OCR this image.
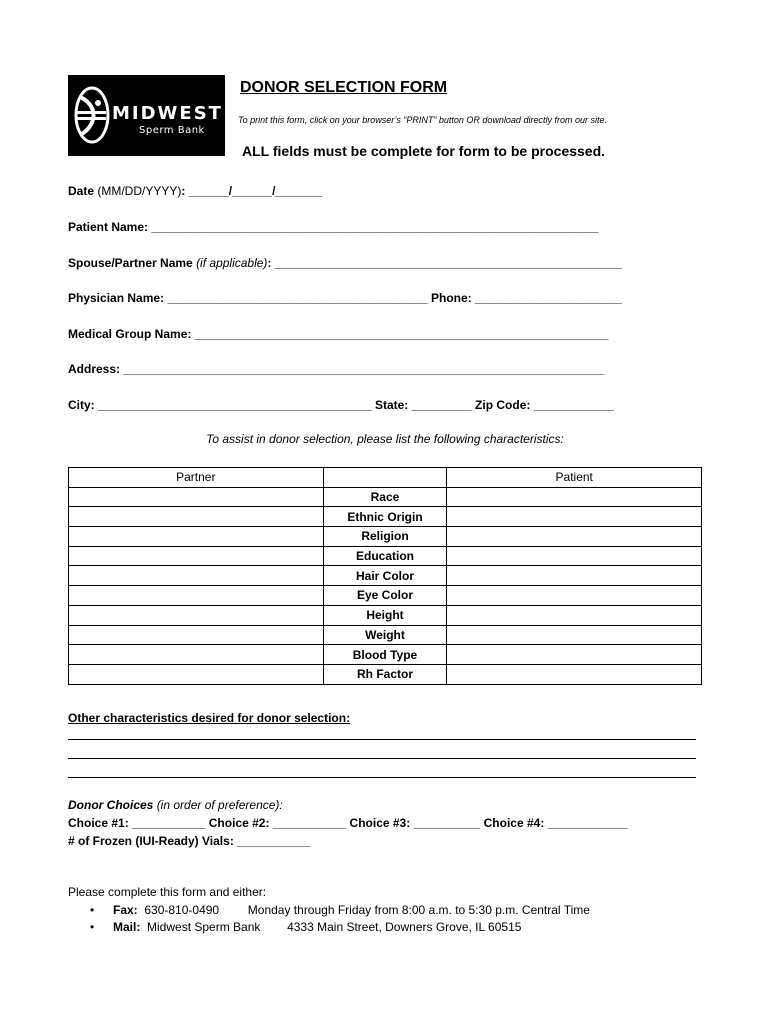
MIDWEST
Sperm Bank
DONOR SELECTION FORM
To print this form, click on your browser’s “PRINT” button OR download directly from our site.
ALL fields must be complete for form to be processed.
Date (MM/DD/YYYY): ______/______/_______
Patient Name: ___________________________________________________________________
Spouse/Partner Name (if applicable): ____________________________________________________
Physician Name: _______________________________________ Phone: ______________________
Medical Group Name: ______________________________________________________________
Address: ________________________________________________________________________
City: _________________________________________ State: _________ Zip Code: ____________
To assist in donor selection, please list the following characteristics:
Partner		Patient
	Race	
	Ethnic Origin	
	Religion	
	Education	
	Hair Color	
	Eye Color	
	Height	
	Weight	
	Blood Type	
	Rh Factor	
Other characteristics desired for donor selection:
Donor Choices (in order of preference):
Choice #1: ___________ Choice #2: ___________ Choice #3: __________ Choice #4: ____________
# of Frozen (IUI-Ready) Vials: ___________
Please complete this form and either:
• Fax: 630-810-0490 Monday through Friday from 8:00 a.m. to 5:30 p.m. Central Time
• Mail: Midwest Sperm Bank 4333 Main Street, Downers Grove, IL 60515
